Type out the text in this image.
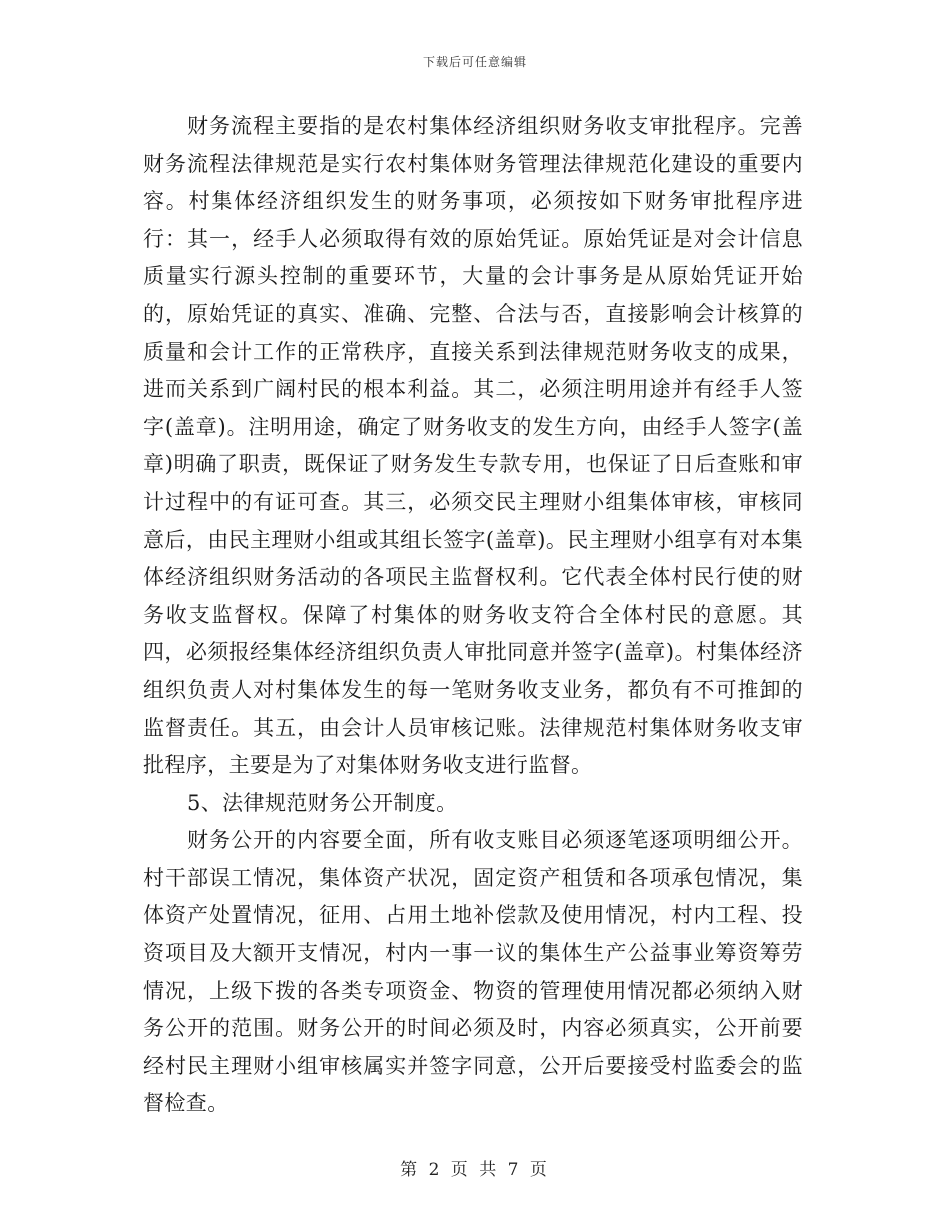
下载后可任意编辑

财务流程主要指的是农村集体经济组织财务收支审批程序。完善财务流程法律规范是实行农村集体财务管理法律规范化建设的重要内容。村集体经济组织发生的财务事项，必须按如下财务审批程序进行：其一，经手人必须取得有效的原始凭证。原始凭证是对会计信息质量实行源头控制的重要环节，大量的会计事务是从原始凭证开始的，原始凭证的真实、准确、完整、合法与否，直接影响会计核算的质量和会计工作的正常秩序，直接关系到法律规范财务收支的成果，进而关系到广阔村民的根本利益。其二，必须注明用途并有经手人签字(盖章)。注明用途，确定了财务收支的发生方向，由经手人签字(盖章)明确了职责，既保证了财务发生专款专用，也保证了日后查账和审计过程中的有证可查。其三，必须交民主理财小组集体审核，审核同意后，由民主理财小组或其组长签字(盖章)。民主理财小组享有对本集体经济组织财务活动的各项民主监督权利。它代表全体村民行使的财务收支监督权。保障了村集体的财务收支符合全体村民的意愿。其四，必须报经集体经济组织负责人审批同意并签字(盖章)。村集体经济组织负责人对村集体发生的每一笔财务收支业务，都负有不可推卸的监督责任。其五，由会计人员审核记账。法律规范村集体财务收支审批程序，主要是为了对集体财务收支进行监督。

5、法律规范财务公开制度。

财务公开的内容要全面，所有收支账目必须逐笔逐项明细公开。村干部误工情况，集体资产状况，固定资产租赁和各项承包情况，集体资产处置情况，征用、占用土地补偿款及使用情况，村内工程、投资项目及大额开支情况，村内一事一议的集体生产公益事业筹资筹劳情况，上级下拨的各类专项资金、物资的管理使用情况都必须纳入财务公开的范围。财务公开的时间必须及时，内容必须真实，公开前要经村民主理财小组审核属实并签字同意，公开后要接受村监委会的监督检查。

第 2 页 共 7 页
